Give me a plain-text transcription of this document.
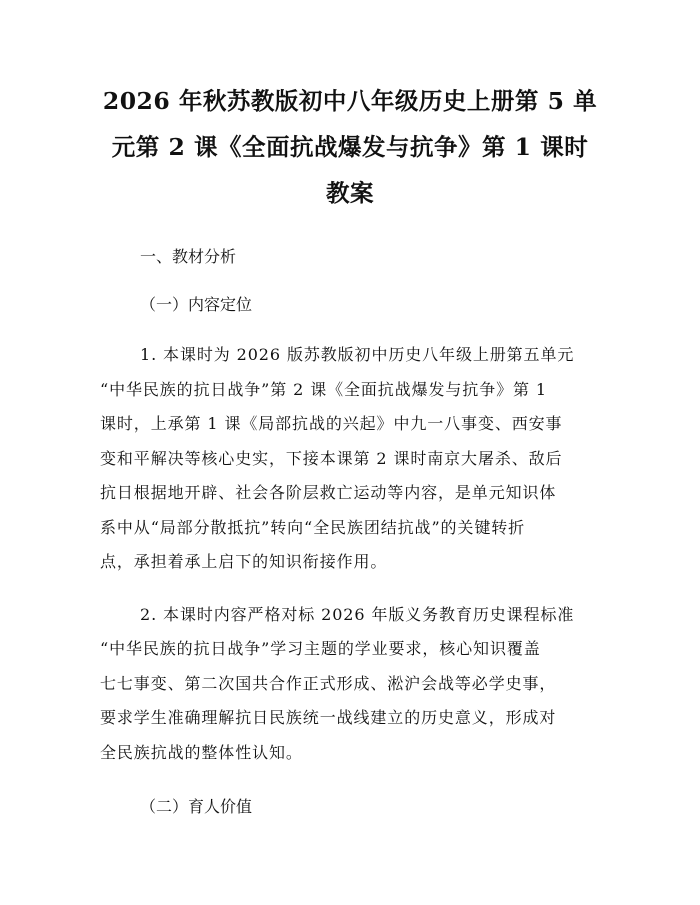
2026 年秋苏教版初中八年级历史上册第 5 单
元第 2 课《全面抗战爆发与抗争》第 1 课时
教案

一、教材分析

（一）内容定位

1. 本课时为 2026 版苏教版初中历史八年级上册第五单元
“中华民族的抗日战争”第 2 课《全面抗战爆发与抗争》第 1
课时，上承第 1 课《局部抗战的兴起》中九一八事变、西安事
变和平解决等核心史实，下接本课第 2 课时南京大屠杀、敌后
抗日根据地开辟、社会各阶层救亡运动等内容，是单元知识体
系中从“局部分散抵抗”转向“全民族团结抗战”的关键转折
点，承担着承上启下的知识衔接作用。

2. 本课时内容严格对标 2026 年版义务教育历史课程标准
“中华民族的抗日战争”学习主题的学业要求，核心知识覆盖
七七事变、第二次国共合作正式形成、淞沪会战等必学史事，
要求学生准确理解抗日民族统一战线建立的历史意义，形成对
全民族抗战的整体性认知。

（二）育人价值
